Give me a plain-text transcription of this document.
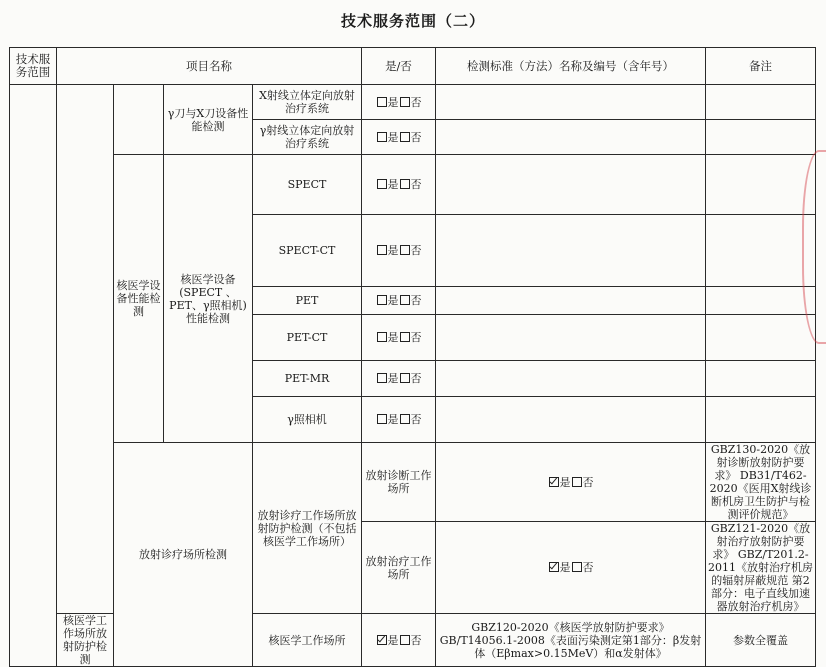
技术服务范围（二）
技术服务范围	项目名称				是/否	检测标准（方法）名称及编号（含年号）	备注	
			γ刀与X刀设备性能检测	X射线立体定向放射治疗系统	是 否			
				γ射线立体定向放射治疗系统	是 否			
		核医学设备性能检测	核医学设备(SPECT 、PET、γ照相机)性能检测	SPECT	是 否			
				SPECT-CT	是 否			
				PET	是 否			
				PET-CT	是 否			
				PET-MR	是 否			
				γ照相机	是 否			
		放射诊疗场所检测		放射诊疗工作场所放射防护检测（不包括核医学工作场所）	放射诊断工作场所	是 否	GBZ130-2020《放射诊断放射防护要求》 DB31/T462-2020《医用X射线诊断机房卫生防护与检测评价规范》	
					放射治疗工作场所	是 否	GBZ121-2020《放射治疗放射防护要求》 GBZ/T201.2-2011《放射治疗机房的辐射屏蔽规范 第2部分：电子直线加速器放射治疗机房》	
	核医学工作场所放射防护检测			核医学工作场所	是 否	GBZ120-2020《核医学放射防护要求》 GB/T14056.1-2008《表面污染测定第1部分：β发射体（Eβmax>0.15MeV）和α发射体》	参数全覆盖	
